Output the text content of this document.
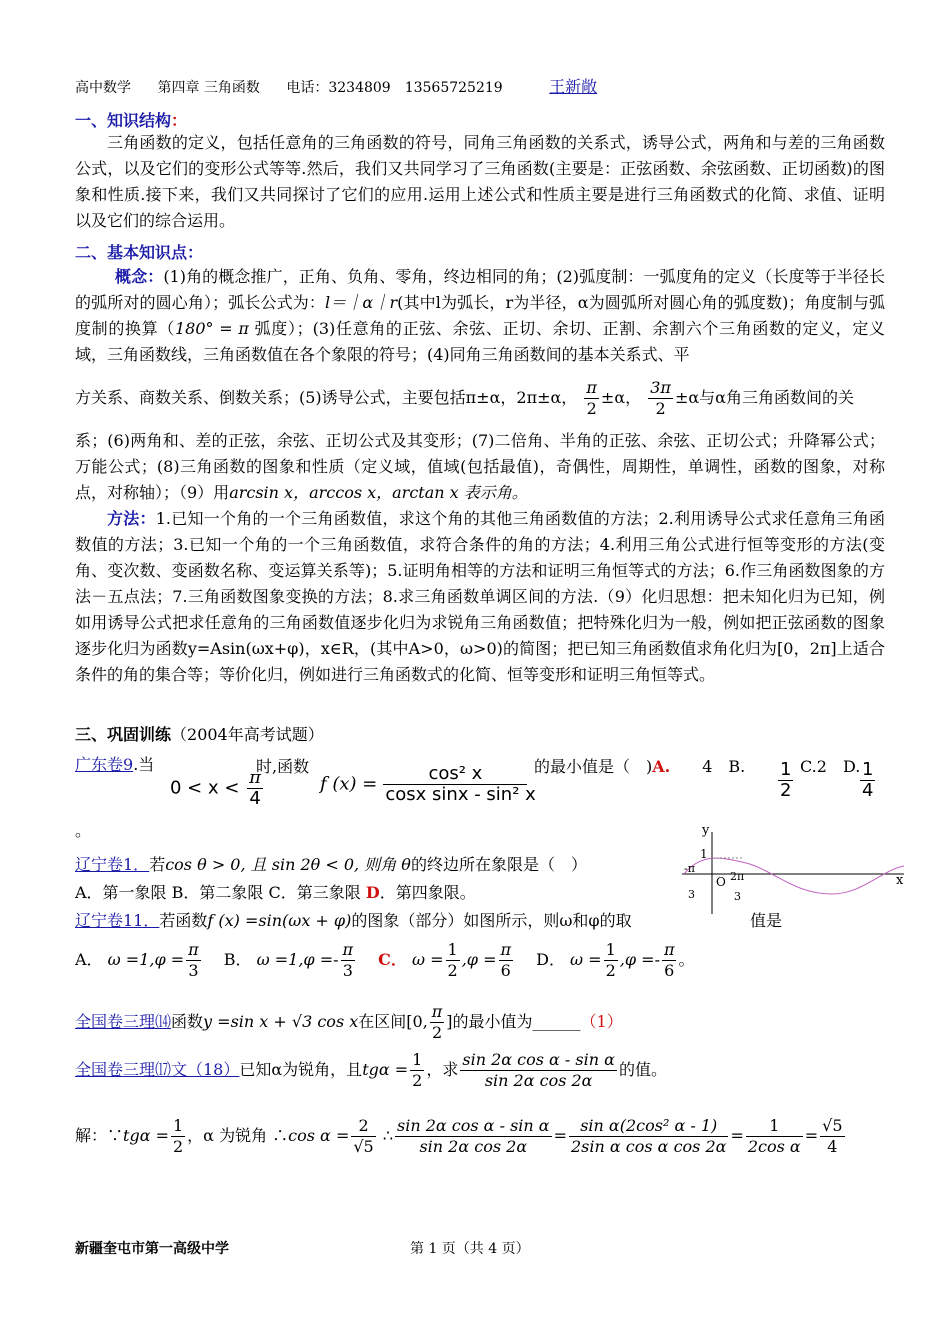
高中数学 第四章 三角函数 电话：3234809　13565725219	王新敞
一、知识结构：
三角函数的定义，包括任意角的三角函数的符号，同角三角函数的关系式，诱导公式，两角和与差的三角函数公式，以及它们的变形公式等等.然后，我们又共同学习了三角函数(主要是：正弦函数、余弦函数、正切函数)的图象和性质.接下来，我们又共同探讨了它们的应用.运用上述公式和性质主要是进行三角函数式的化简、求值、证明以及它们的综合运用。
二、基本知识点：
概念：(1)角的概念推广，正角、负角、零角，终边相同的角；(2)弧度制：一弧度角的定义（长度等于半径长的弧所对的圆心角）；弧长公式为：l＝｜α｜r(其中l为弧长，r为半径，α为圆弧所对圆心角的弧度数)；角度制与弧度制的换算（180° = π 弧度）；(3)任意角的正弦、余弦、正切、余切、正割、余割六个三角函数的定义，定义域，三角函数线，三角函数值在各个象限的符号；(4)同角三角函数间的基本关系式、平
方关系、商数关系、倒数关系；(5)诱导公式，主要包括π±α，2π±α， $\frac{\pi}{2} \pm\alpha$， $\frac{3\pi}{2} \pm\alpha$与α角三角函数间的关
系；(6)两角和、差的正弦，余弦、正切公式及其变形；(7)二倍角、半角的正弦、余弦、正切公式；升降幂公式；万能公式；(8)三角函数的图象和性质（定义域，值域(包括最值)，奇偶性，周期性，单调性，函数的图象，对称点，对称轴）；（9）用arcsin x，arccos x，arctan x 表示角。
方法：1.已知一个角的一个三角函数值，求这个角的其他三角函数值的方法；2.利用诱导公式求任意角三角函数值的方法；3.已知一个角的一个三角函数值，求符合条件的角的方法；4.利用三角公式进行恒等变形的方法(变角、变次数、变函数名称、变运算关系等)；5.证明角相等的方法和证明三角恒等式的方法；6.作三角函数图象的方法－五点法；7.三角函数图象变换的方法；8.求三角函数单调区间的方法.（9）化归思想：把未知化归为已知，例如用诱导公式把求任意角的三角函数值逐步化归为求锐角三角函数值；把特殊化归为一般，例如把正弦函数的图象逐步化归为函数y=Asin(ωx+φ)，x∈R，(其中A>0，ω>0)的简图；把已知三角函数值求角化归为[0，2π]上适合条件的角的集合等；等价化归，例如进行三角函数式的化简、恒等变形和证明三角恒等式。
三、巩固训练（2004年高考试题）
广东卷9.当
$0 < x < \frac{\pi}{4}$
时,函数
f $(x) = \frac{\text{cos² x}}{\text{cosx sinx - sin² x}}$
的最小值是（　)A.　　4　B. $\frac{1}{2} C.2$　D. $\frac{1}{4}$
。
辽宁卷1．若cos θ > 0, 且 sin 2θ < 0, 则角 θ的终边所在象限是（　）
A．第一象限 B．第二象限 C．第三象限 D．第四象限。
辽宁卷11．若函数f (x) =sin(ωx + φ)的图象（部分）如图所示，则ω和φ的取	值是
A． $\omega =1,\varphi = \frac{\pi}{3}$ 　B． $\omega =1,\varphi =- \frac{\pi}{3}$ 　C． $\omega = \frac{1}{2} ,\varphi = \frac{\pi}{6}$ 　D． $\omega = \frac{1}{2} ,\varphi =- \frac{\pi}{6}$ 。
y
x
1
O
-π
3
2π
3
全国卷三理⒁函数y =sin x + √3 cos x在区间[0, $\frac{\pi}{2}$ ]的最小值为______（1）
全国卷三理⒄文（18）已知α为锐角，且$tg\alpha = \frac{1}{2}$ ，求 $\frac{\text{sin 2α cos α - sin α}}{\text{sin 2α cos 2α}}$ 的值。
解：∵tgα = $\frac{1}{2}$ ，α 为锐角 ∴cos $\alpha = \frac{2}{√5}$ ∴ $\frac{\text{sin 2α cos α - sin α}}{\text{sin 2α cos 2α}} = \frac{\text{sin α(2cos² α - 1)}}{\text{2sin α cos α cos 2α}} = \frac{1}{\text{2cos α}} = \frac{√5}{4}$
新疆奎屯市第一高级中学	第 1 页（共 4 页）
